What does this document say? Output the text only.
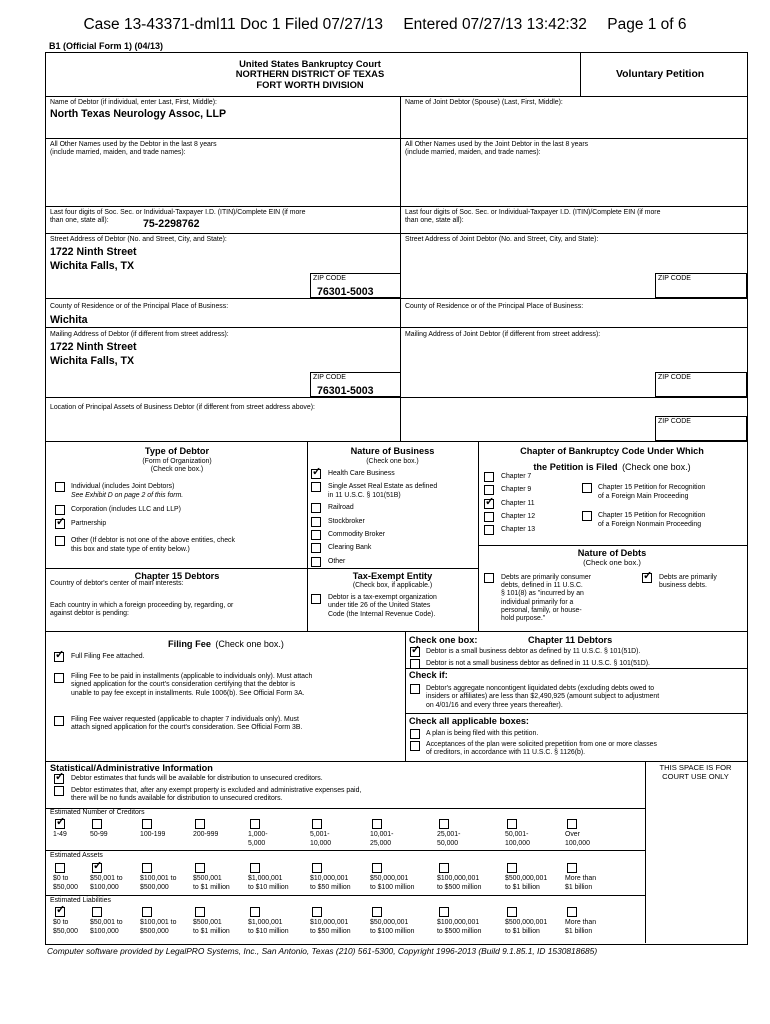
Case 13-43371-dml11 Doc 1 Filed 07/27/13 Entered 07/27/13 13:42:32 Page 1 of 6
B1 (Official Form 1) (04/13)
United States Bankruptcy Court
NORTHERN DISTRICT OF TEXAS
FORT WORTH DIVISION
Voluntary Petition
Name of Debtor (if individual, enter Last, First, Middle):
North Texas Neurology Assoc, LLP
Name of Joint Debtor (Spouse) (Last, First, Middle):
All Other Names used by the Debtor in the last 8 years
(include married, maiden, and trade names):
All Other Names used by the Joint Debtor in the last 8 years
(include married, maiden, and trade names):
Last four digits of Soc. Sec. or Individual-Taxpayer I.D. (ITIN)/Complete EIN (if more
than one, state all):	75-2298762
Last four digits of Soc. Sec. or Individual-Taxpayer I.D. (ITIN)/Complete EIN (if more
than one, state all):
Street Address of Debtor (No. and Street, City, and State):
1722 Ninth Street
Wichita Falls, TX
Street Address of Joint Debtor (No. and Street, City, and State):
ZIP CODE
76301-5003
ZIP CODE
County of Residence or of the Principal Place of Business:
Wichita
County of Residence or of the Principal Place of Business:
Mailing Address of Debtor (if different from street address):
1722 Ninth Street
Wichita Falls, TX
Mailing Address of Joint Debtor (if different from street address):
ZIP CODE
76301-5003
ZIP CODE
Location of Principal Assets of Business Debtor (if different from street address above):
ZIP CODE
Type of Debtor
(Form of Organization)
(Check one box.)
Individual (includes Joint Debtors)
See Exhibit D on page 2 of this form.
Corporation (includes LLC and LLP)
✓
Partnership
Other (If debtor is not one of the above entities, check
this box and state type of entity below.)
Nature of Business
(Check one box.)
✓
Health Care Business
Single Asset Real Estate as defined
in 11 U.S.C. § 101(51B)
Railroad
Stockbroker
Commodity Broker
Clearing Bank
Other
Chapter of Bankruptcy Code Under Which
the Petition is Filed (Check one box.)
Chapter 7
Chapter 9
✓
Chapter 11
Chapter 12
Chapter 13
Chapter 15 Petition for Recognition
of a Foreign Main Proceeding
Chapter 15 Petition for Recognition
of a Foreign Nonmain Proceeding
Nature of Debts
(Check one box.)
Debts are primarily consumer
debts, defined in 11 U.S.C.
§ 101(8) as "incurred by an
individual primarily for a
personal, family, or house-
hold purpose."
✓
Debts are primarily
business debts.
Chapter 15 Debtors
Country of debtor's center of main interests:
Each country in which a foreign proceeding by, regarding, or
against debtor is pending:
Tax-Exempt Entity
(Check box, if applicable.)
Debtor is a tax-exempt organization
under title 26 of the United States
Code (the Internal Revenue Code).
Filing Fee (Check one box.)
✓
Full Filing Fee attached.
Filing Fee to be paid in installments (applicable to individuals only). Must attach
signed application for the court's consideration certifying that the debtor is
unable to pay fee except in installments. Rule 1006(b). See Official Form 3A.
Filing Fee waiver requested (applicable to chapter 7 individuals only). Must
attach signed application for the court's consideration. See Official Form 3B.
Check one box:	Chapter 11 Debtors
✓
Debtor is a small business debtor as defined by 11 U.S.C. § 101(51D).
Debtor is not a small business debtor as defined in 11 U.S.C. § 101(51D).
Debtor's aggregate noncontigent liquidated debts (excluding debts owed to
insiders or affiliates) are less than $2,490,925 (amount subject to adjustment
on 4/01/16 and every three years thereafter).
A plan is being filed with this petition.
Acceptances of the plan were solicited prepetition from one or more classes
of creditors, in accordance with 11 U.S.C. § 1126(b).
Check if:
Check all applicable boxes:
Statistical/Administrative Information	THIS SPACE IS FOR
COURT USE ONLY
✓
Debtor estimates that funds will be available for distribution to unsecured creditors.
Debtor estimates that, after any exempt property is excluded and administrative expenses paid,
there will be no funds available for distribution to unsecured creditors.
Estimated Number of Creditors
✓
1-49	50-99	100-199	200-999	1,000-
5,000
5,001-
10,000
10,001-
25,000
25,001-
50,000
50,001-
100,000
Over
100,000
Estimated Assets
$0 to
$50,000
✓
$50,001 to
$100,000
$100,001 to
$500,000
$500,001
to $1 million
$1,000,001
to $10 million
$10,000,001
to $50 million
$50,000,001
to $100 million
$100,000,001
to $500 million
$500,000,001
to $1 billion
More than
$1 billion
Estimated Liabilities
✓
$0 to
$50,000
$50,001 to
$100,000
$100,001 to
$500,000
$500,001
to $1 million
$1,000,001
to $10 million
$10,000,001
to $50 million
$50,000,001
to $100 million
$100,000,001
to $500 million
$500,000,001
to $1 billion
More than
$1 billion
Computer software provided by LegalPRO Systems, Inc., San Antonio, Texas (210) 561-5300, Copyright 1996-2013 (Build 9.1.85.1, ID 1530818685)
